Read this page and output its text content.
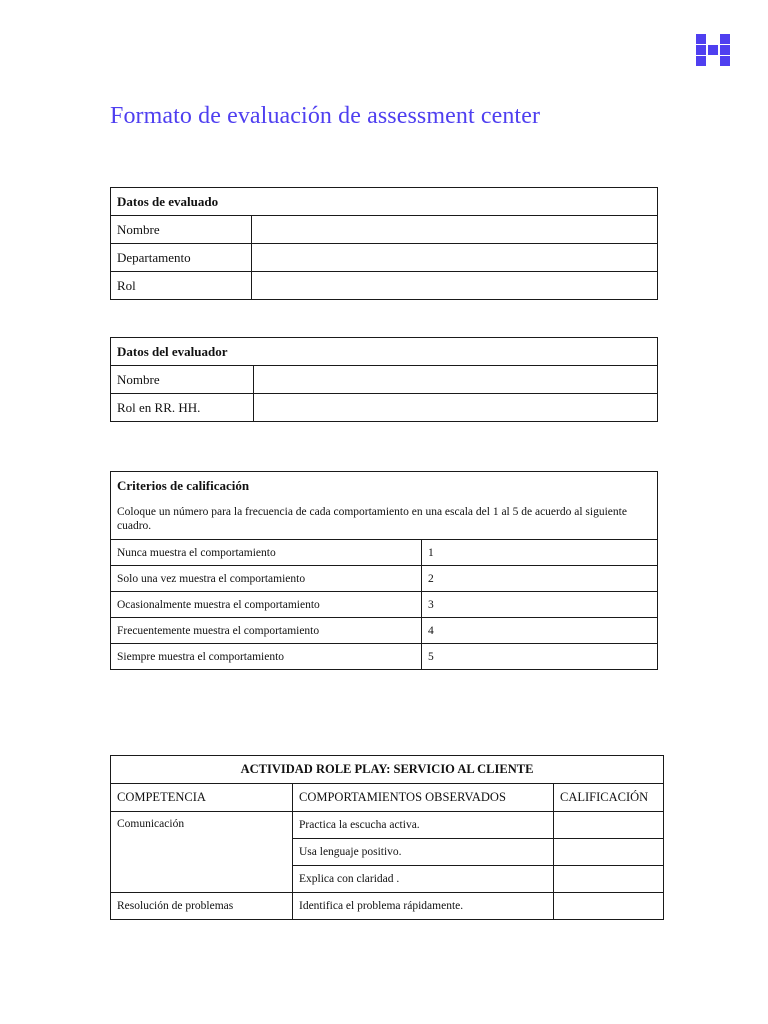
Formato de evaluación de assessment center
Datos de evaluado	
Nombre	
Departamento	
Rol	
Datos del evaluador	
Nombre	
Rol en RR. HH.	
Criterios de calificación
Coloque un número para la frecuencia de cada comportamiento en una escala del 1 al 5 de acuerdo al siguiente cuadro.	

Nunca muestra el comportamiento	1
Solo una vez muestra el comportamiento	2
Ocasionalmente muestra el comportamiento	3
Frecuentemente muestra el comportamiento	4
Siempre muestra el comportamiento	5
ACTIVIDAD ROLE PLAY: SERVICIO AL CLIENTE		
COMPETENCIA	COMPORTAMIENTOS OBSERVADOS	CALIFICACIÓN
Comunicación	Practica la escucha activa.	
	Usa lenguaje positivo.	
	Explica con claridad .	
Resolución de problemas	Identifica el problema rápidamente.	
